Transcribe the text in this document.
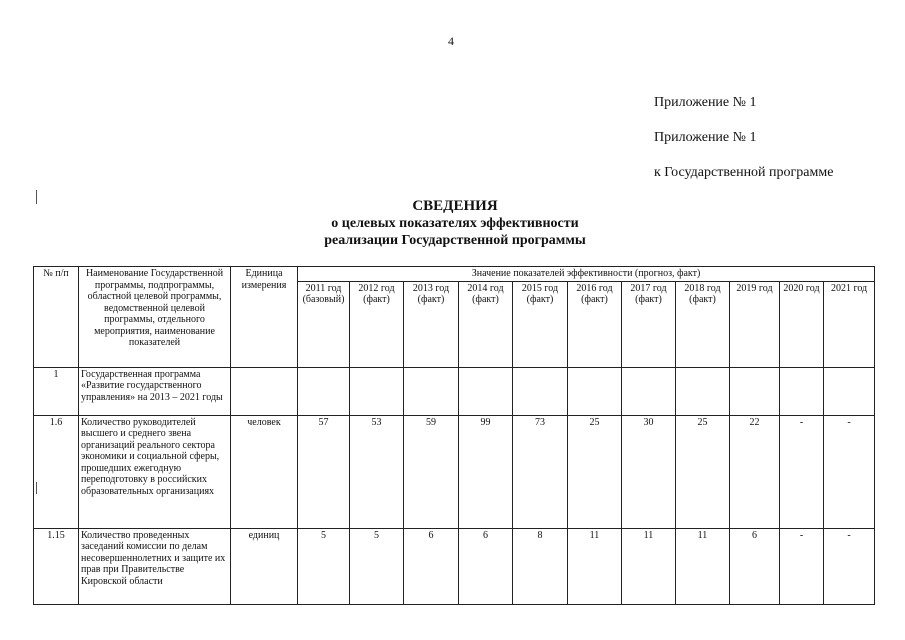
4
Приложение № 1
Приложение № 1
к Государственной программе
СВЕДЕНИЯ
о целевых показателях эффективности
реализации Государственной программы
№ п/п	Наименование Государственной программы, подпрограммы, областной целевой программы, ведомственной целевой программы, отдельного мероприятия, наименование показателей	Единица измерения	Значение показателей эффективности (прогноз, факт)										
			2011 год (базовый)	2012 год (факт)	2013 год (факт)	2014 год (факт)	2015 год (факт)	2016 год (факт)	2017 год (факт)	2018 год (факт)	2019 год	2020 год	2021 год
1	Государственная программа «Развитие государственного управления» на 2013 – 2021 годы												
1.6	Количество руководителей высшего и среднего звена организаций реального сектора экономики и социальной сферы, прошедших ежегодную переподготовку в российских образовательных организациях	человек	57	53	59	99	73	25	30	25	22	-	-
1.15	Количество проведенных заседаний комиссии по делам несовершеннолетних и защите их прав при Правительстве Кировской области	единиц	5	5	6	6	8	11	11	11	6	-	-
